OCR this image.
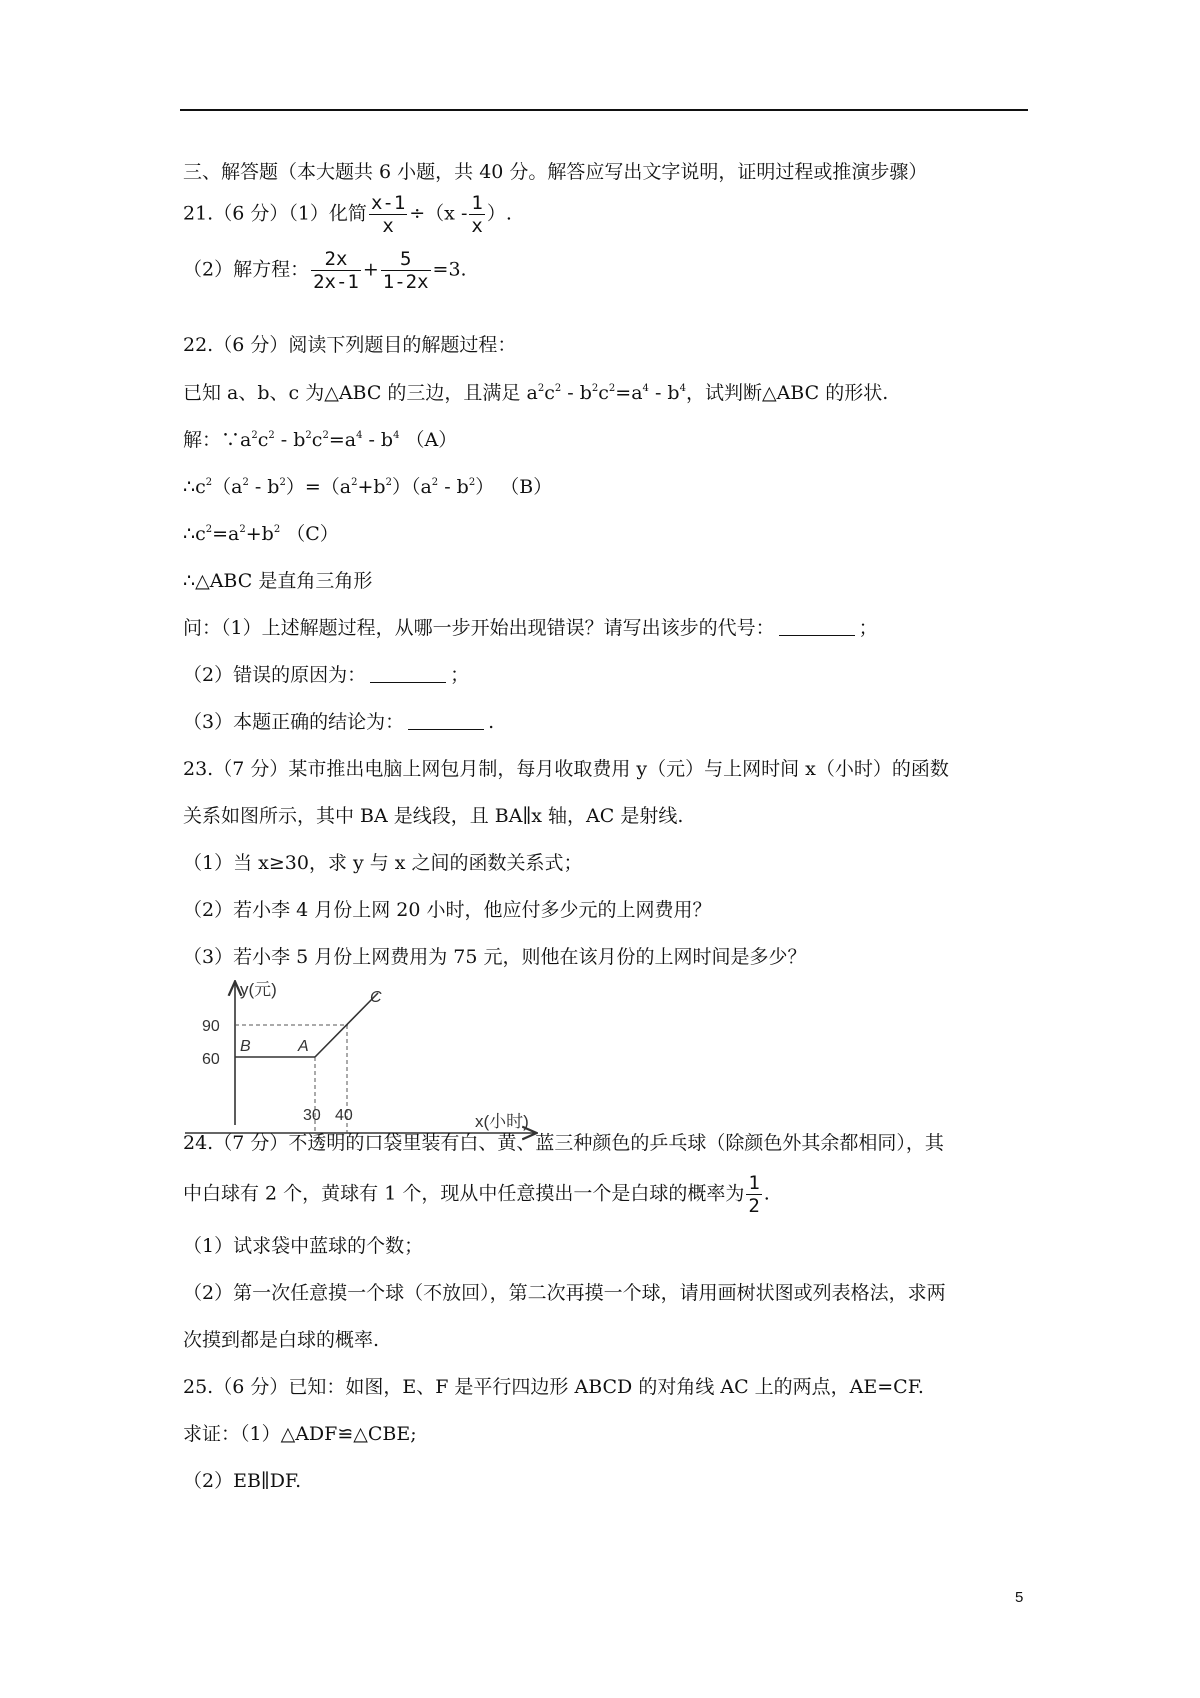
三、解答题（本大题共 6 小题，共 40 分。解答应写出文字说明，证明过程或推演步骤）
21.（6 分）（1）化简 $\frac{x-1}{x} \div(x - \frac{1}{x}$ ）.
（2）解方程： $\frac{2x}{2x-1} + \frac{5}{1-2x} =3$.
22.（6 分）阅读下列题目的解题过程：
已知 a、b、c 为△ABC 的三边，且满足 $a^2c^2 - b^2c^2=a^4 - b^4$，试判断△ABC 的形状.
解：$\because a^2c^2 - b^2c^2=a^4 - b^4$ （A）
$\therefore c^2(a^2 - b^2)=(a^2+b^2)(a^2 - b^2)$ （B）
$\therefore c^2=a^2+b^2$ （C）
∴△ABC 是直角三角形
问：（1）上述解题过程，从哪一步开始出现错误？请写出该步的代号：	；
（2）错误的原因为：	；
（3）本题正确的结论为：	.
23.（7 分）某市推出电脑上网包月制，每月收取费用 y（元）与上网时间 x（小时）的函数
关系如图所示，其中 BA 是线段，且 BA∥x 轴，AC 是射线.
（1）当 x≥30，求 y 与 x 之间的函数关系式；
（2）若小李 4 月份上网 20 小时，他应付多少元的上网费用？
（3）若小李 5 月份上网费用为 75 元，则他在该月份的上网时间是多少？
90
60
30 40
y(元)
x(小时)
B	A
C
24.（7 分）不透明的口袋里装有白、黄、蓝三种颜色的乒乓球（除颜色外其余都相同），其
中白球有 2 个，黄球有 1 个，现从中任意摸出一个是白球的概率为 $\frac{1}{2}$ .
（1）试求袋中蓝球的个数；
（2）第一次任意摸一个球（不放回），第二次再摸一个球，请用画树状图或列表格法，求两
次摸到都是白球的概率.
25.（6 分）已知：如图，E、F 是平行四边形 ABCD 的对角线 AC 上的两点，AE=CF.
求证：（1）△ADF≌△CBE;
（2）EB∥DF.
5
